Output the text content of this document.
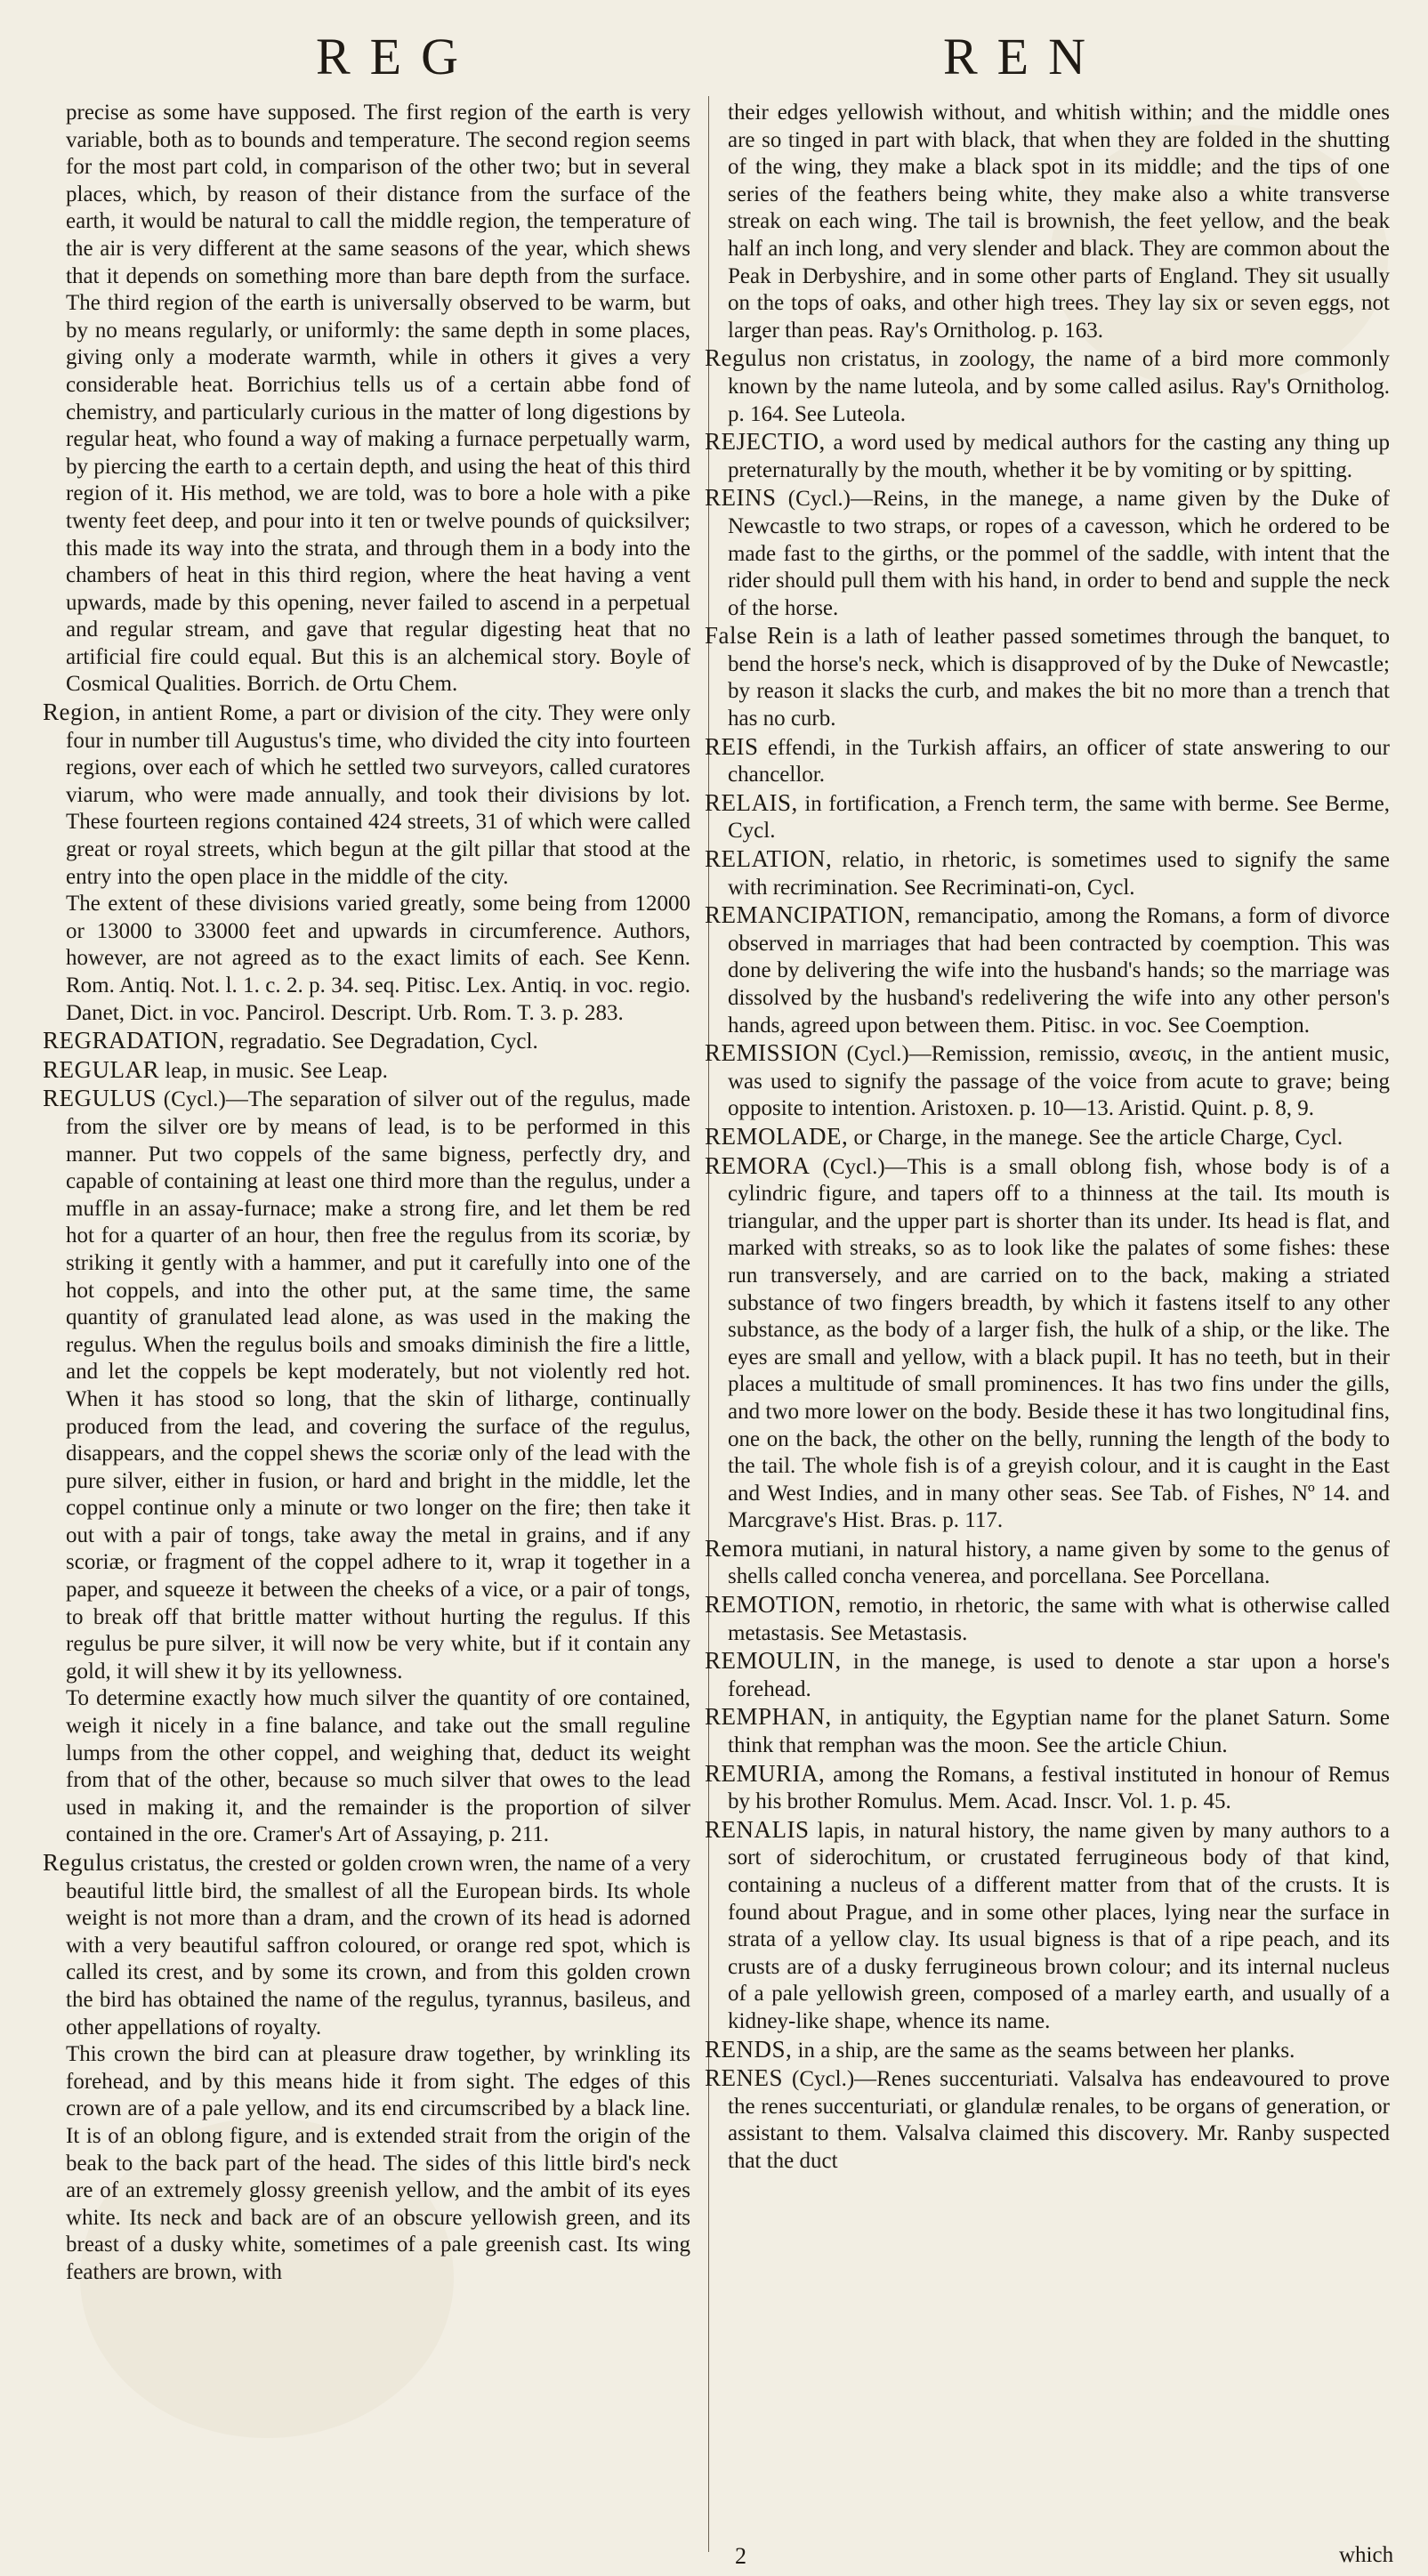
REG	REN

precise as some have supposed. The first region of the earth is very variable, both as to bounds and temperature. The second region seems for the most part cold, in comparison of the other two; but in several places, which, by reason of their distance from the surface of the earth, it would be natural to call the middle region, the temperature of the air is very different at the same seasons of the year, which shews that it depends on something more than bare depth from the surface. The third region of the earth is universally observed to be warm, but by no means regularly, or uniformly: the same depth in some places, giving only a moderate warmth, while in others it gives a very considerable heat. Borrichius tells us of a certain abbe fond of chemistry, and particularly curious in the matter of long digestions by regular heat, who found a way of making a furnace perpetually warm, by piercing the earth to a certain depth, and using the heat of this third region of it. His method, we are told, was to bore a hole with a pike twenty feet deep, and pour into it ten or twelve pounds of quicksilver; this made its way into the strata, and through them in a body into the chambers of heat in this third region, where the heat having a vent upwards, made by this opening, never failed to ascend in a perpetual and regular stream, and gave that regular digesting heat that no artificial fire could equal. But this is an alchemical story. Boyle of Cosmical Qualities. Borrich. de Ortu Chem.

Region, in antient Rome, a part or division of the city. They were only four in number till Augustus's time, who divided the city into fourteen regions, over each of which he settled two surveyors, called curatores viarum, who were made annually, and took their divisions by lot. These fourteen regions contained 424 streets, 31 of which were called great or royal streets, which begun at the gilt pillar that stood at the entry into the open place in the middle of the city.

The extent of these divisions varied greatly, some being from 12000 or 13000 to 33000 feet and upwards in circumference. Authors, however, are not agreed as to the exact limits of each. See Kenn. Rom. Antiq. Not. l. 1. c. 2. p. 34. seq. Pitisc. Lex. Antiq. in voc. regio. Danet, Dict. in voc. Pancirol. Descript. Urb. Rom. T. 3. p. 283.

REGRADATION, regradatio. See Degradation, Cycl.

REGULAR leap, in music. See Leap.

REGULUS (Cycl.)—The separation of silver out of the regulus, made from the silver ore by means of lead, is to be performed in this manner. Put two coppels of the same bigness, perfectly dry, and capable of containing at least one third more than the regulus, under a muffle in an assay-furnace; make a strong fire, and let them be red hot for a quarter of an hour, then free the regulus from its scoriæ, by striking it gently with a hammer, and put it carefully into one of the hot coppels, and into the other put, at the same time, the same quantity of granulated lead alone, as was used in the making the regulus. When the regulus boils and smoaks diminish the fire a little, and let the coppels be kept moderately, but not violently red hot. When it has stood so long, that the skin of litharge, continually produced from the lead, and covering the surface of the regulus, disappears, and the coppel shews the scoriæ only of the lead with the pure silver, either in fusion, or hard and bright in the middle, let the coppel continue only a minute or two longer on the fire; then take it out with a pair of tongs, take away the metal in grains, and if any scoriæ, or fragment of the coppel adhere to it, wrap it together in a paper, and squeeze it between the cheeks of a vice, or a pair of tongs, to break off that brittle matter without hurting the regulus. If this regulus be pure silver, it will now be very white, but if it contain any gold, it will shew it by its yellowness.

To determine exactly how much silver the quantity of ore contained, weigh it nicely in a fine balance, and take out the small reguline lumps from the other coppel, and weighing that, deduct its weight from that of the other, because so much silver that owes to the lead used in making it, and the remainder is the proportion of silver contained in the ore. Cramer's Art of Assaying, p. 211.

Regulus cristatus, the crested or golden crown wren, the name of a very beautiful little bird, the smallest of all the European birds. Its whole weight is not more than a dram, and the crown of its head is adorned with a very beautiful saffron coloured, or orange red spot, which is called its crest, and by some its crown, and from this golden crown the bird has obtained the name of the regulus, tyrannus, basileus, and other appellations of royalty.

This crown the bird can at pleasure draw together, by wrinkling its forehead, and by this means hide it from sight. The edges of this crown are of a pale yellow, and its end circumscribed by a black line. It is of an oblong figure, and is extended strait from the origin of the beak to the back part of the head. The sides of this little bird's neck are of an extremely glossy greenish yellow, and the ambit of its eyes white. Its neck and back are of an obscure yellowish green, and its breast of a dusky white, sometimes of a pale greenish cast. Its wing feathers are brown, with

their edges yellowish without, and whitish within; and the middle ones are so tinged in part with black, that when they are folded in the shutting of the wing, they make a black spot in its middle; and the tips of one series of the feathers being white, they make also a white transverse streak on each wing. The tail is brownish, the feet yellow, and the beak half an inch long, and very slender and black. They are common about the Peak in Derbyshire, and in some other parts of England. They sit usually on the tops of oaks, and other high trees. They lay six or seven eggs, not larger than peas. Ray's Ornitholog. p. 163.

Regulus non cristatus, in zoology, the name of a bird more commonly known by the name luteola, and by some called asilus. Ray's Ornitholog. p. 164. See Luteola.

REJECTIO, a word used by medical authors for the casting any thing up preternaturally by the mouth, whether it be by vomiting or by spitting.

REINS (Cycl.)—Reins, in the manege, a name given by the Duke of Newcastle to two straps, or ropes of a cavesson, which he ordered to be made fast to the girths, or the pommel of the saddle, with intent that the rider should pull them with his hand, in order to bend and supple the neck of the horse.

False Rein is a lath of leather passed sometimes through the banquet, to bend the horse's neck, which is disapproved of by the Duke of Newcastle; by reason it slacks the curb, and makes the bit no more than a trench that has no curb.

REIS effendi, in the Turkish affairs, an officer of state answering to our chancellor.

RELAIS, in fortification, a French term, the same with berme. See Berme, Cycl.

RELATION, relatio, in rhetoric, is sometimes used to signify the same with recrimination. See Recriminati-on, Cycl.

REMANCIPATION, remancipatio, among the Romans, a form of divorce observed in marriages that had been contracted by coemption. This was done by delivering the wife into the husband's hands; so the marriage was dissolved by the husband's redelivering the wife into any other person's hands, agreed upon between them. Pitisc. in voc. See Coemption.

REMISSION (Cycl.)—Remission, remissio, ανεσις, in the antient music, was used to signify the passage of the voice from acute to grave; being opposite to intention. Aristoxen. p. 10—13. Aristid. Quint. p. 8, 9.

REMOLADE, or Charge, in the manege. See the article Charge, Cycl.

REMORA (Cycl.)—This is a small oblong fish, whose body is of a cylindric figure, and tapers off to a thinness at the tail. Its mouth is triangular, and the upper part is shorter than its under. Its head is flat, and marked with streaks, so as to look like the palates of some fishes: these run transversely, and are carried on to the back, making a striated substance of two fingers breadth, by which it fastens itself to any other substance, as the body of a larger fish, the hulk of a ship, or the like. The eyes are small and yellow, with a black pupil. It has no teeth, but in their places a multitude of small prominences. It has two fins under the gills, and two more lower on the body. Beside these it has two longitudinal fins, one on the back, the other on the belly, running the length of the body to the tail. The whole fish is of a greyish colour, and it is caught in the East and West Indies, and in many other seas. See Tab. of Fishes, Nº 14. and Marcgrave's Hist. Bras. p. 117.

Remora mutiani, in natural history, a name given by some to the genus of shells called concha venerea, and porcellana. See Porcellana.

REMOTION, remotio, in rhetoric, the same with what is otherwise called metastasis. See Metastasis.

REMOULIN, in the manege, is used to denote a star upon a horse's forehead.

REMPHAN, in antiquity, the Egyptian name for the planet Saturn. Some think that remphan was the moon. See the article Chiun.

REMURIA, among the Romans, a festival instituted in honour of Remus by his brother Romulus. Mem. Acad. Inscr. Vol. 1. p. 45.

RENALIS lapis, in natural history, the name given by many authors to a sort of siderochitum, or crustated ferrugineous body of that kind, containing a nucleus of a different matter from that of the crusts. It is found about Prague, and in some other places, lying near the surface in strata of a yellow clay. Its usual bigness is that of a ripe peach, and its crusts are of a dusky ferrugineous brown colour; and its internal nucleus of a pale yellowish green, composed of a marley earth, and usually of a kidney-like shape, whence its name.

RENDS, in a ship, are the same as the seams between her planks.

RENES (Cycl.)—Renes succenturiati. Valsalva has endeavoured to prove the renes succenturiati, or glandulæ renales, to be organs of generation, or assistant to them. Valsalva claimed this discovery. Mr. Ranby suspected that the duct

2	which
